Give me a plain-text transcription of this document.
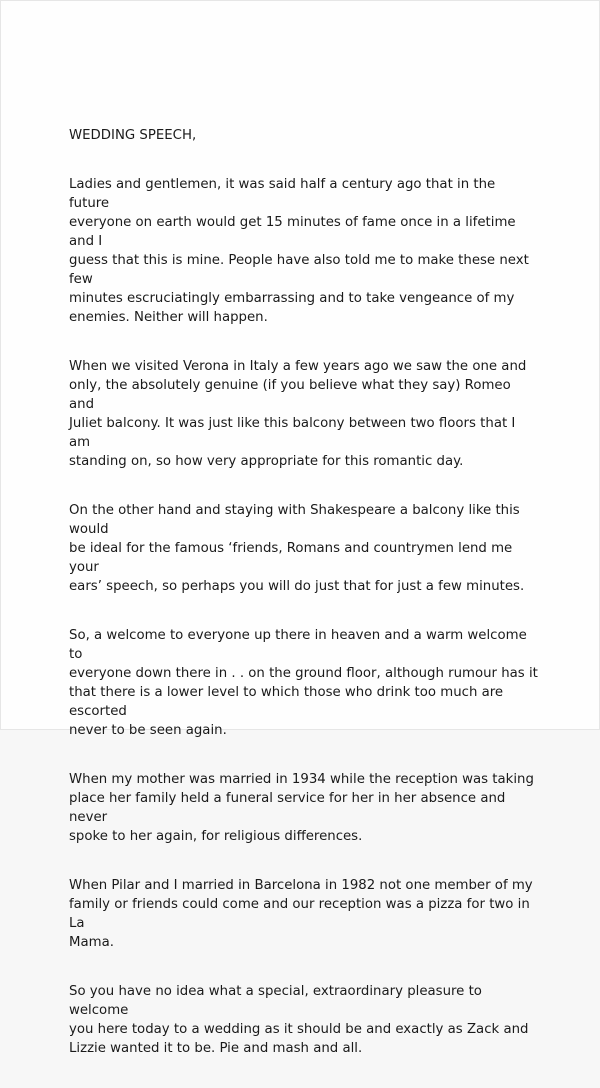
WEDDING SPEECH,

Ladies and gentlemen, it was said half a century ago that in the future
everyone on earth would get 15 minutes of fame once in a lifetime and I
guess that this is mine. People have also told me to make these next few
minutes escruciatingly embarrassing and to take vengeance of my
enemies. Neither will happen.

When we visited Verona in Italy a few years ago we saw the one and
only, the absolutely genuine (if you believe what they say) Romeo and
Juliet balcony. It was just like this balcony between two floors that I am
standing on, so how very appropriate for this romantic day.

On the other hand and staying with Shakespeare a balcony like this would
be ideal for the famous ‘friends, Romans and countrymen lend me your
ears’ speech, so perhaps you will do just that for just a few minutes.

So, a welcome to everyone up there in heaven and a warm welcome to
everyone down there in . . on the ground floor, although rumour has it
that there is a lower level to which those who drink too much are escorted
never to be seen again.

When my mother was married in 1934 while the reception was taking
place her family held a funeral service for her in her absence and never
spoke to her again, for religious differences.

When Pilar and I married in Barcelona in 1982 not one member of my
family or friends could come and our reception was a pizza for two in La
Mama.

So you have no idea what a special, extraordinary pleasure to welcome
you here today to a wedding as it should be and exactly as Zack and
Lizzie wanted it to be. Pie and mash and all.
